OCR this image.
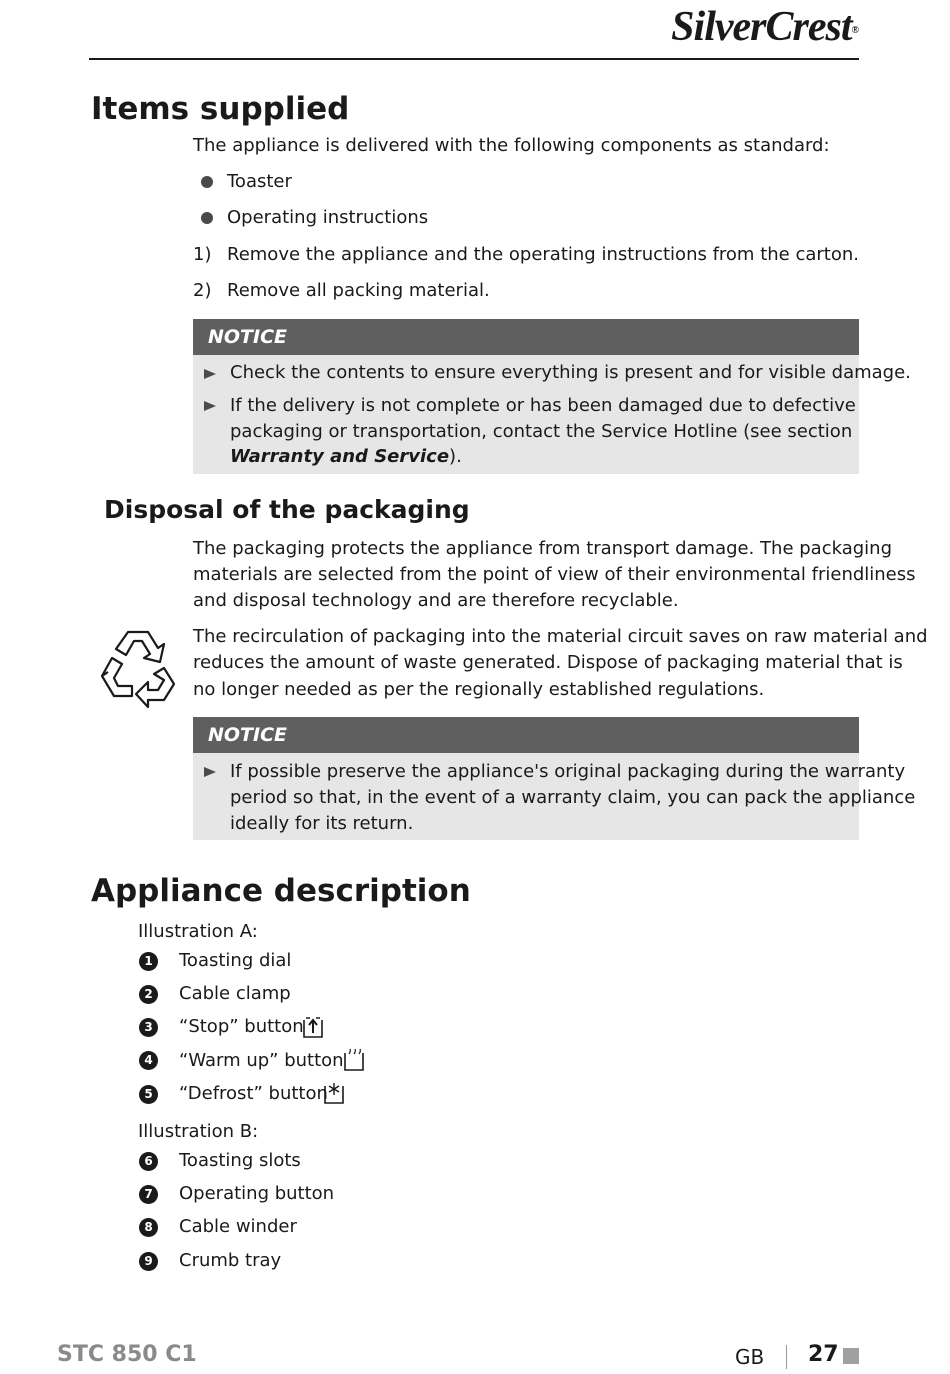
SilverCrest®
Items supplied
The appliance is delivered with the following components as standard:
Toaster
Operating instructions
1) Remove the appliance and the operating instructions from the carton.
2) Remove all packing material.
NOTICE
Check the contents to ensure everything is present and for visible damage.
If the delivery is not complete or has been damaged due to defective
packaging or transportation, contact the Service Hotline (see section
Warranty and Service).
Disposal of the packaging
The packaging protects the appliance from transport damage. The packaging
materials are selected from the point of view of their environmental friendliness
and disposal technology and are therefore recyclable.
The recirculation of packaging into the material circuit saves on raw material and
reduces the amount of waste generated. Dispose of packaging material that is
no longer needed as per the regionally established regulations.
NOTICE
If possible preserve the appliance's original packaging during the warranty
period so that, in the event of a warranty claim, you can pack the appliance
ideally for its return.
Appliance description
Illustration A:
1 Toasting dial
2 Cable clamp
3 “Stop” button
4 “Warm up” button
5 “Defrost” button
Illustration B:
6 Toasting slots
7 Operating button
8 Cable winder
9 Crumb tray
STC 850 C1	GB 27
